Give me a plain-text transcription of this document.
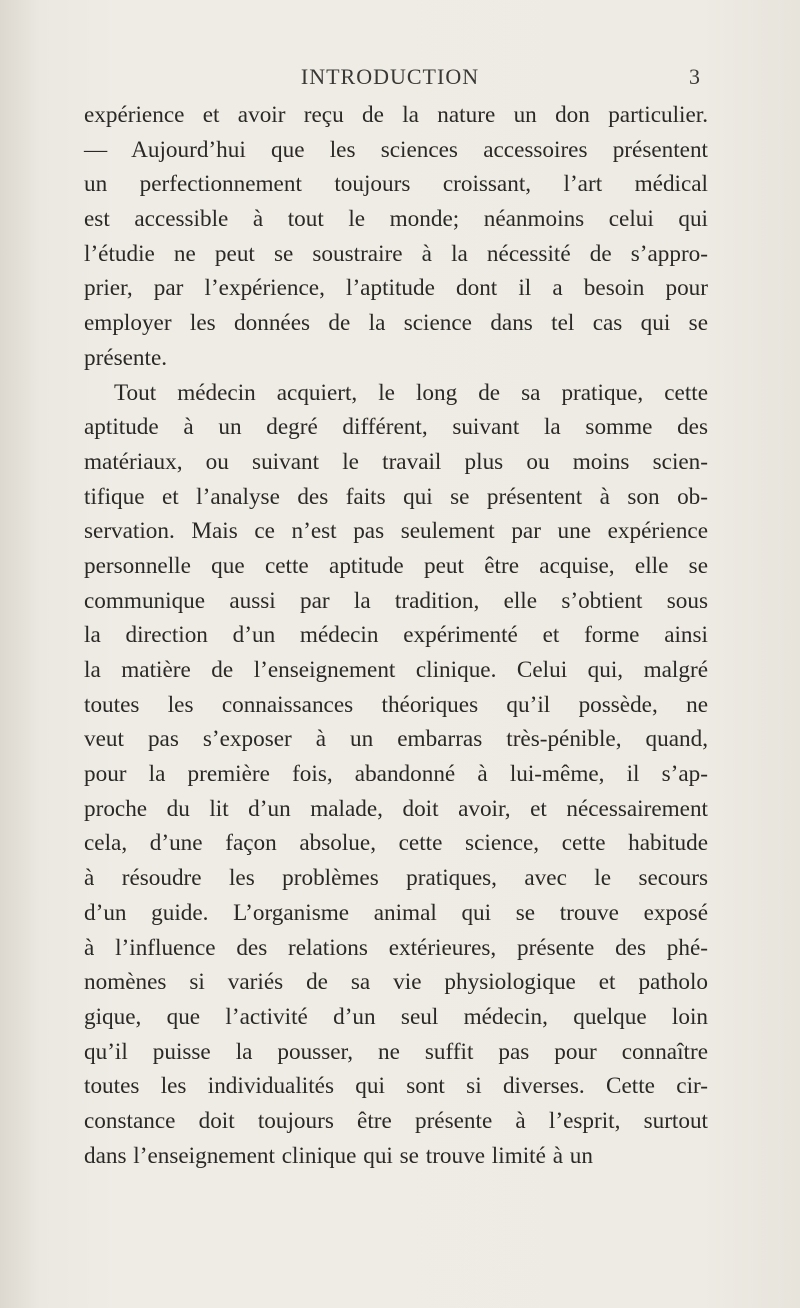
INTRODUCTION	3
expérience et avoir reçu de la nature un don particulier.
— Aujourd’hui que les sciences accessoires présentent
un perfectionnement toujours croissant, l’art médical
est accessible à tout le monde; néanmoins celui qui
l’étudie ne peut se soustraire à la nécessité de s’appro-
prier, par l’expérience, l’aptitude dont il a besoin pour
employer les données de la science dans tel cas qui se
présente.
Tout médecin acquiert, le long de sa pratique, cette
aptitude à un degré différent, suivant la somme des
matériaux, ou suivant le travail plus ou moins scien-
tifique et l’analyse des faits qui se présentent à son ob-
servation. Mais ce n’est pas seulement par une expérience
personnelle que cette aptitude peut être acquise, elle se
communique aussi par la tradition, elle s’obtient sous
la direction d’un médecin expérimenté et forme ainsi
la matière de l’enseignement clinique. Celui qui, malgré
toutes les connaissances théoriques qu’il possède, ne
veut pas s’exposer à un embarras très-pénible, quand,
pour la première fois, abandonné à lui-même, il s’ap-
proche du lit d’un malade, doit avoir, et nécessairement
cela, d’une façon absolue, cette science, cette habitude
à résoudre les problèmes pratiques, avec le secours
d’un guide. L’organisme animal qui se trouve exposé
à l’influence des relations extérieures, présente des phé-
nomènes si variés de sa vie physiologique et patholo
gique, que l’activité d’un seul médecin, quelque loin
qu’il puisse la pousser, ne suffit pas pour connaître
toutes les individualités qui sont si diverses. Cette cir-
constance doit toujours être présente à l’esprit, surtout
dans l’enseignement clinique qui se trouve limité à un
